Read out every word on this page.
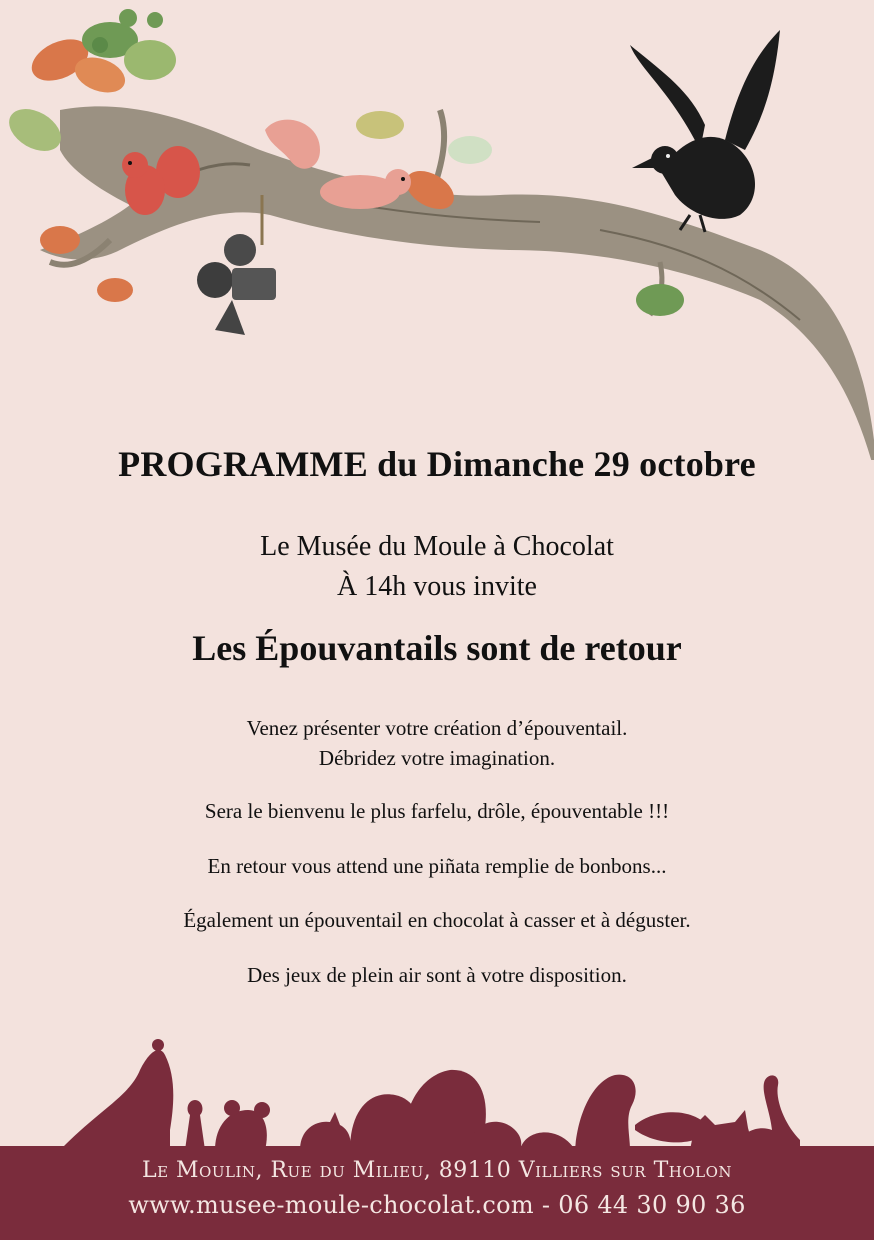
PROGRAMME du Dimanche 29 octobre
Le Musée du Moule à Chocolat
À 14h vous invite
Les Épouvantails sont de retour
Venez présenter votre création d’épouventail.
Débridez votre imagination.
Sera le bienvenu le plus farfelu, drôle, épouventable !!!
En retour vous attend une piñata remplie de bonbons...
Également un épouventail en chocolat à casser et à déguster.
Des jeux de plein air sont à votre disposition.
Le Moulin, Rue du Milieu, 89110 Villiers sur Tholon
www.musee-moule-chocolat.com - 06 44 30 90 36
